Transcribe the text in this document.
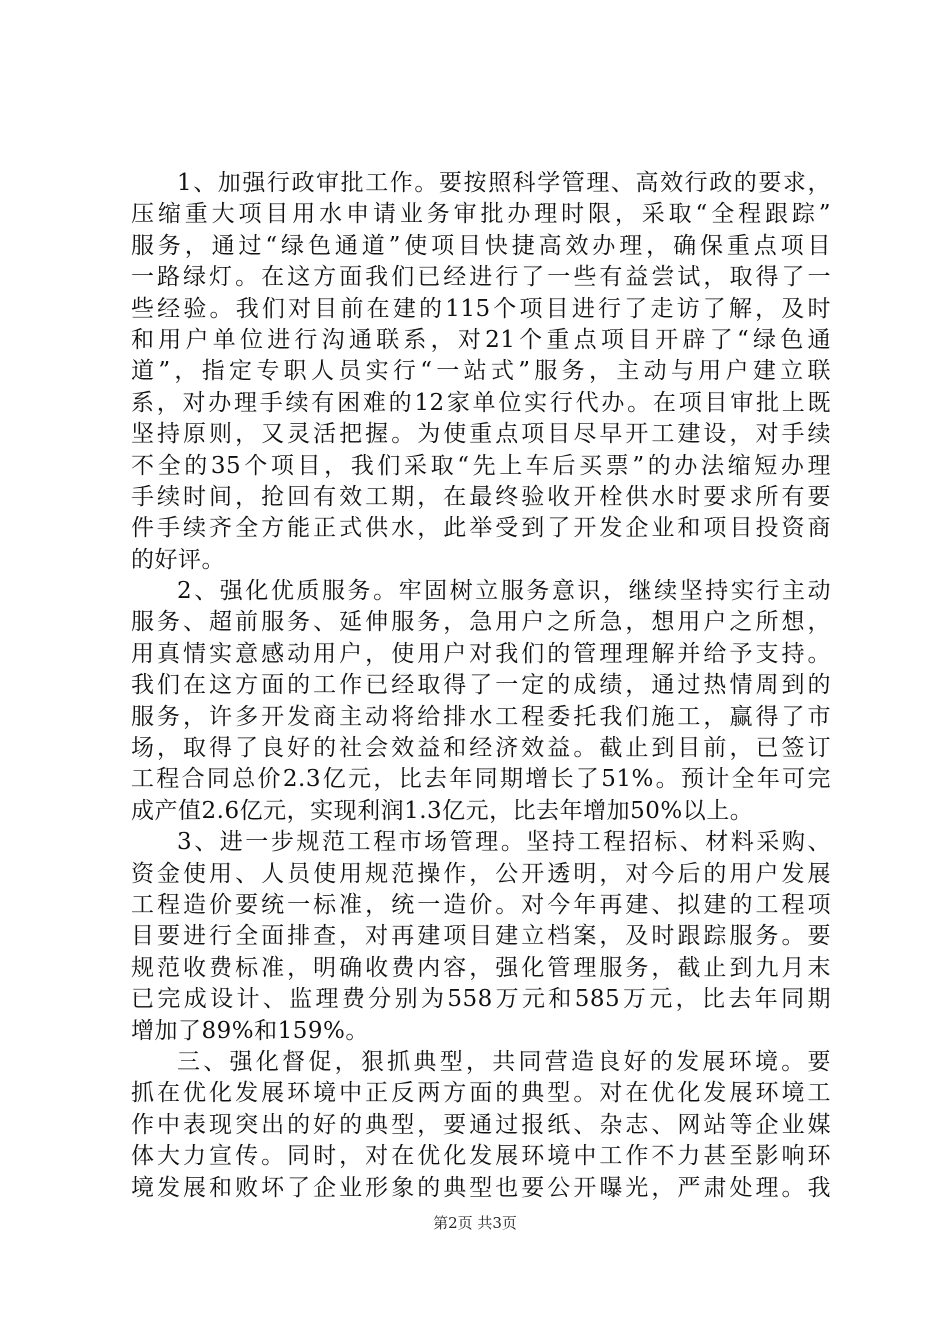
1、加强行政审批工作。要按照科学管理、高效行政的要求，
压缩重大项目用水申请业务审批办理时限，采取“全程跟踪”
服务，通过“绿色通道”使项目快捷高效办理，确保重点项目
一路绿灯。在这方面我们已经进行了一些有益尝试，取得了一
些经验。我们对目前在建的115个项目进行了走访了解，及时
和用户单位进行沟通联系，对21个重点项目开辟了“绿色通
道”，指定专职人员实行“一站式”服务，主动与用户建立联
系，对办理手续有困难的12家单位实行代办。在项目审批上既
坚持原则，又灵活把握。为使重点项目尽早开工建设，对手续
不全的35个项目，我们采取“先上车后买票”的办法缩短办理
手续时间，抢回有效工期，在最终验收开栓供水时要求所有要
件手续齐全方能正式供水，此举受到了开发企业和项目投资商
的好评。
2、强化优质服务。牢固树立服务意识，继续坚持实行主动
服务、超前服务、延伸服务，急用户之所急，想用户之所想，
用真情实意感动用户，使用户对我们的管理理解并给予支持。
我们在这方面的工作已经取得了一定的成绩，通过热情周到的
服务，许多开发商主动将给排水工程委托我们施工，赢得了市
场，取得了良好的社会效益和经济效益。截止到目前，已签订
工程合同总价2.3亿元，比去年同期增长了51%。预计全年可完
成产值2.6亿元，实现利润1.3亿元，比去年增加50%以上。
3、进一步规范工程市场管理。坚持工程招标、材料采购、
资金使用、人员使用规范操作，公开透明，对今后的用户发展
工程造价要统一标准，统一造价。对今年再建、拟建的工程项
目要进行全面排查，对再建项目建立档案，及时跟踪服务。要
规范收费标准，明确收费内容，强化管理服务，截止到九月末
已完成设计、监理费分别为558万元和585万元，比去年同期
增加了89%和159%。
三、强化督促，狠抓典型，共同营造良好的发展环境。要
抓在优化发展环境中正反两方面的典型。对在优化发展环境工
作中表现突出的好的典型，要通过报纸、杂志、网站等企业媒
体大力宣传。同时，对在优化发展环境中工作不力甚至影响环
境发展和败坏了企业形象的典型也要公开曝光，严肃处理。我
第2页 共3页
